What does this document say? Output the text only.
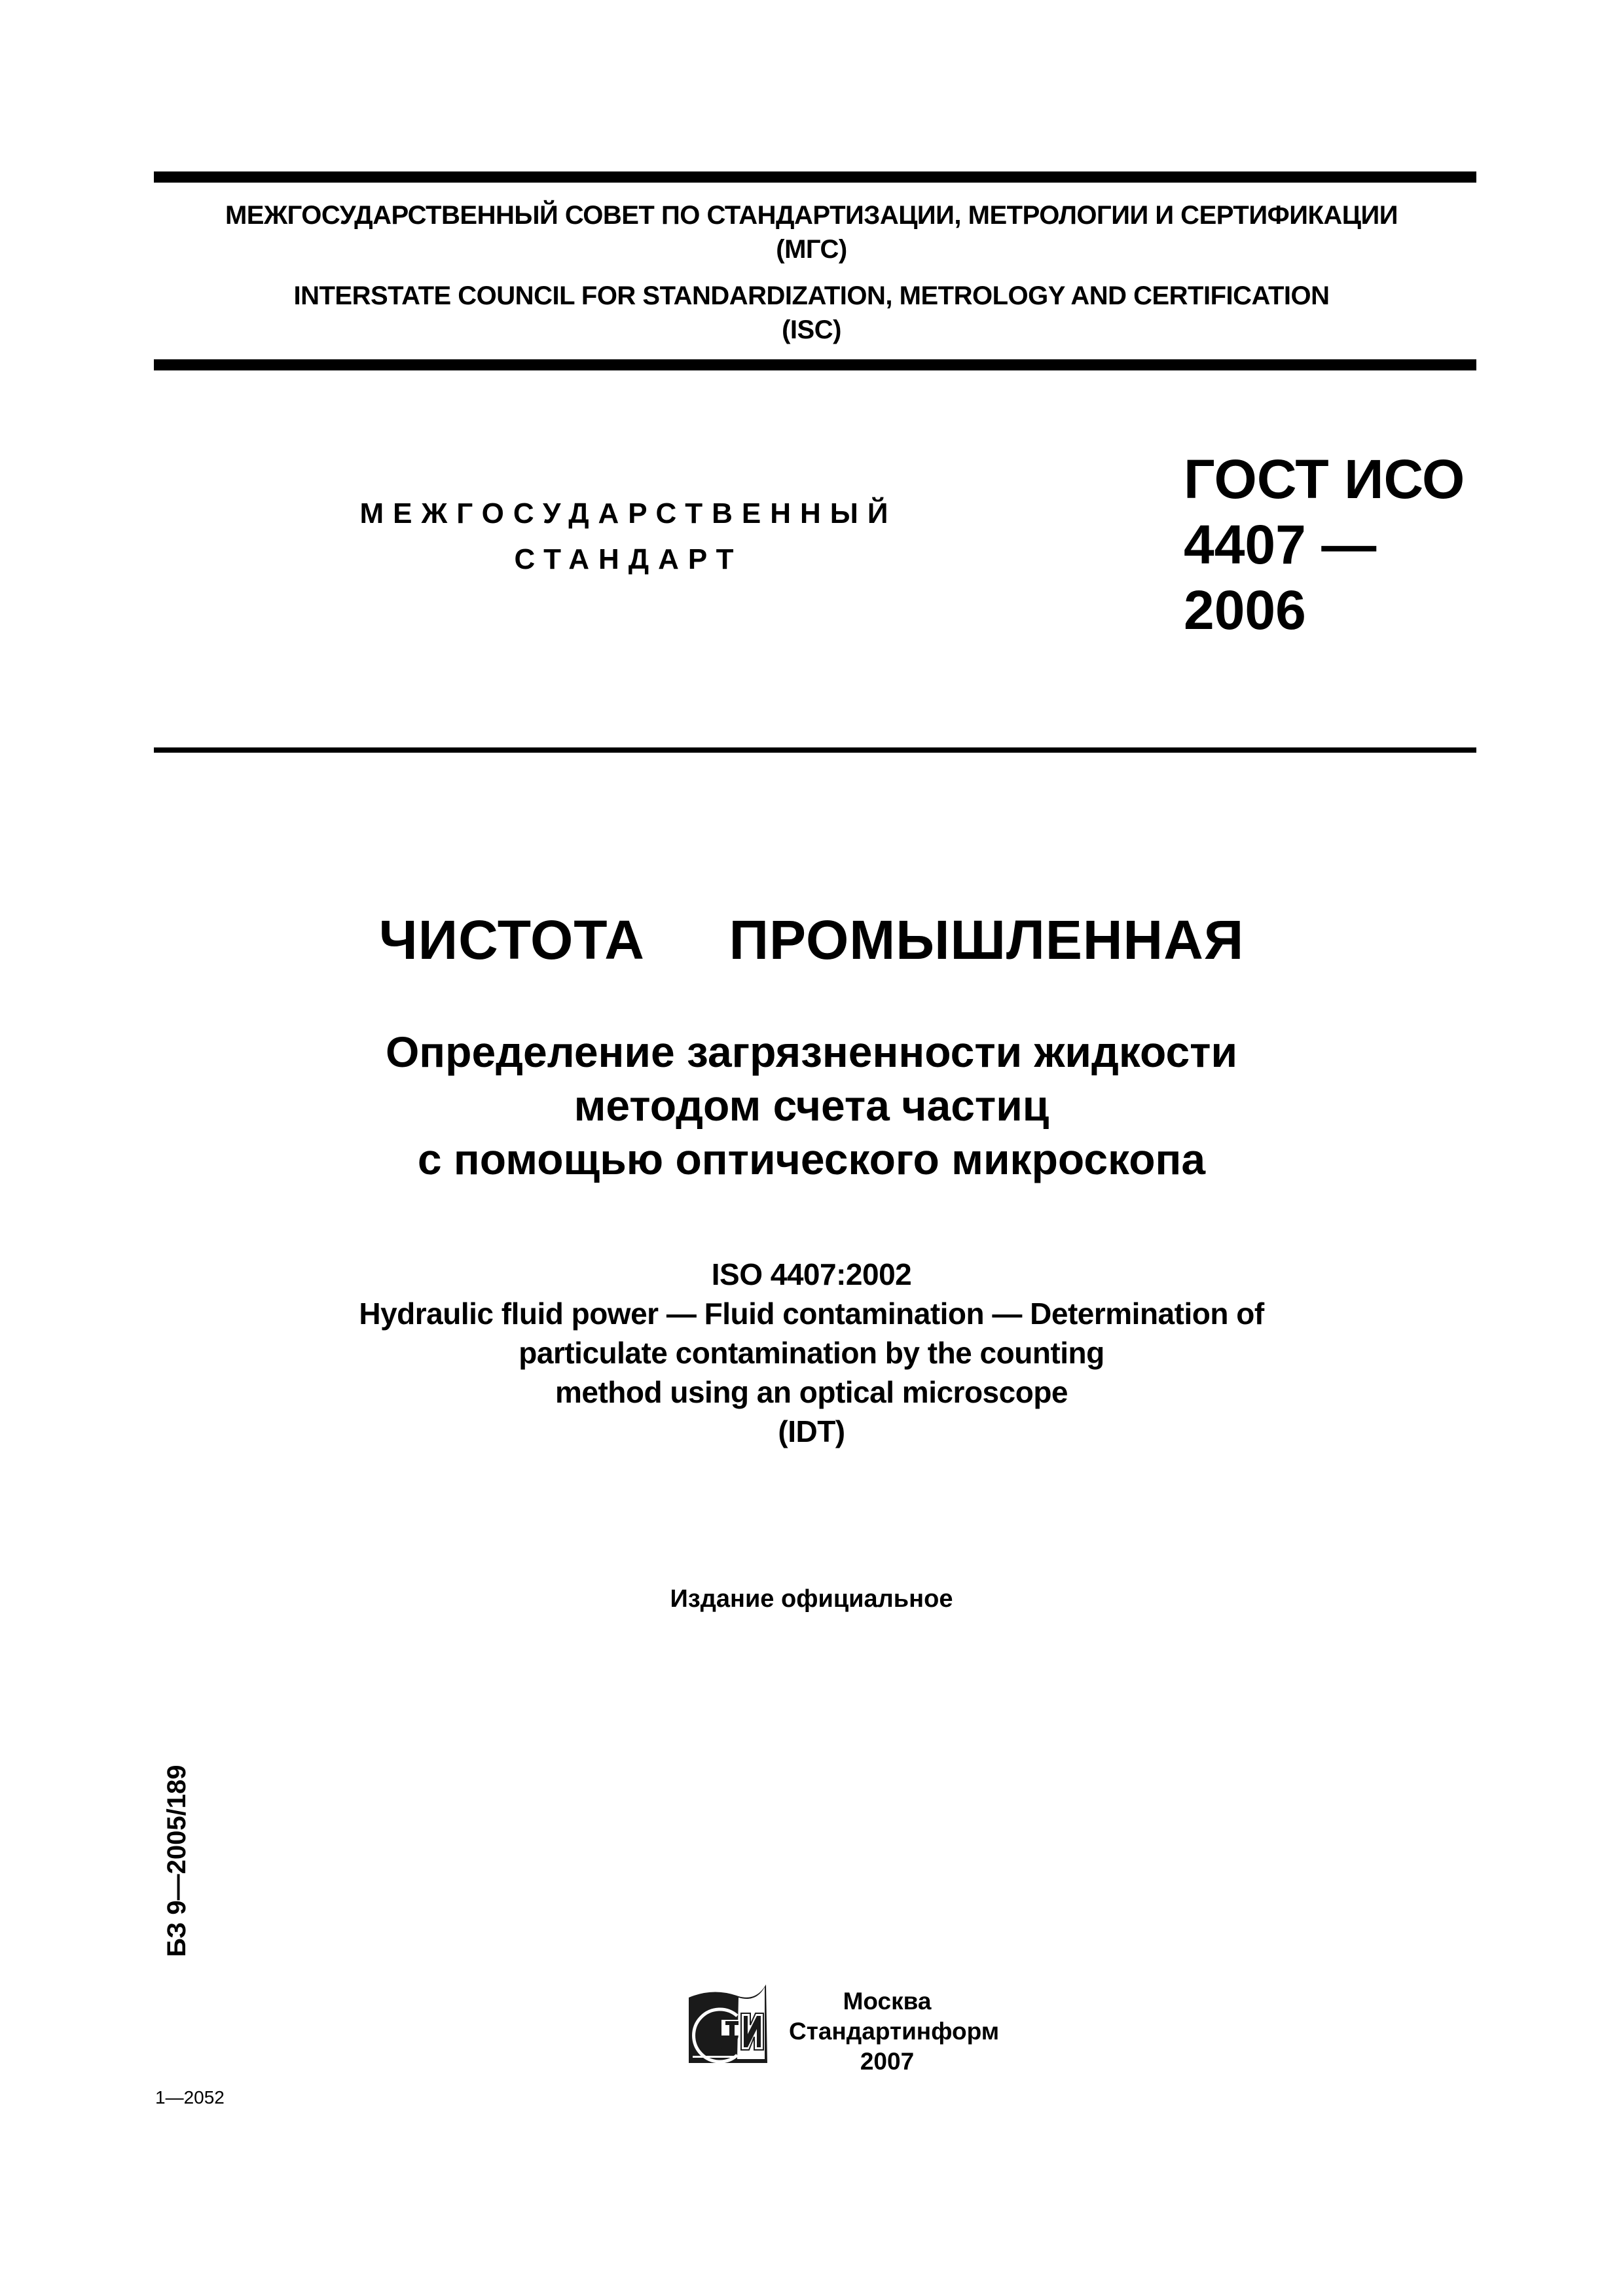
МЕЖГОСУДАРСТВЕННЫЙ СОВЕТ ПО СТАНДАРТИЗАЦИИ, МЕТРОЛОГИИ И СЕРТИФИКАЦИИ
(МГС)
INTERSTATE COUNCIL FOR STANDARDIZATION, METROLOGY AND CERTIFICATION
(ISC)
МЕЖГОСУДАРСТВЕННЫЙ
СТАНДАРТ
ГОСТ ИСО
4407 —
2006
ЧИСТОТА  ПРОМЫШЛЕННАЯ
Определение загрязненности жидкости
методом счета частиц
с помощью оптического микроскопа
ISO 4407:2002
Hydraulic fluid power — Fluid contamination — Determination of
particulate contamination by the counting
method using an optical microscope
(IDT)
Издание официальное
БЗ 9—2005/189
Москва
Стандартинформ
2007
1—2052
